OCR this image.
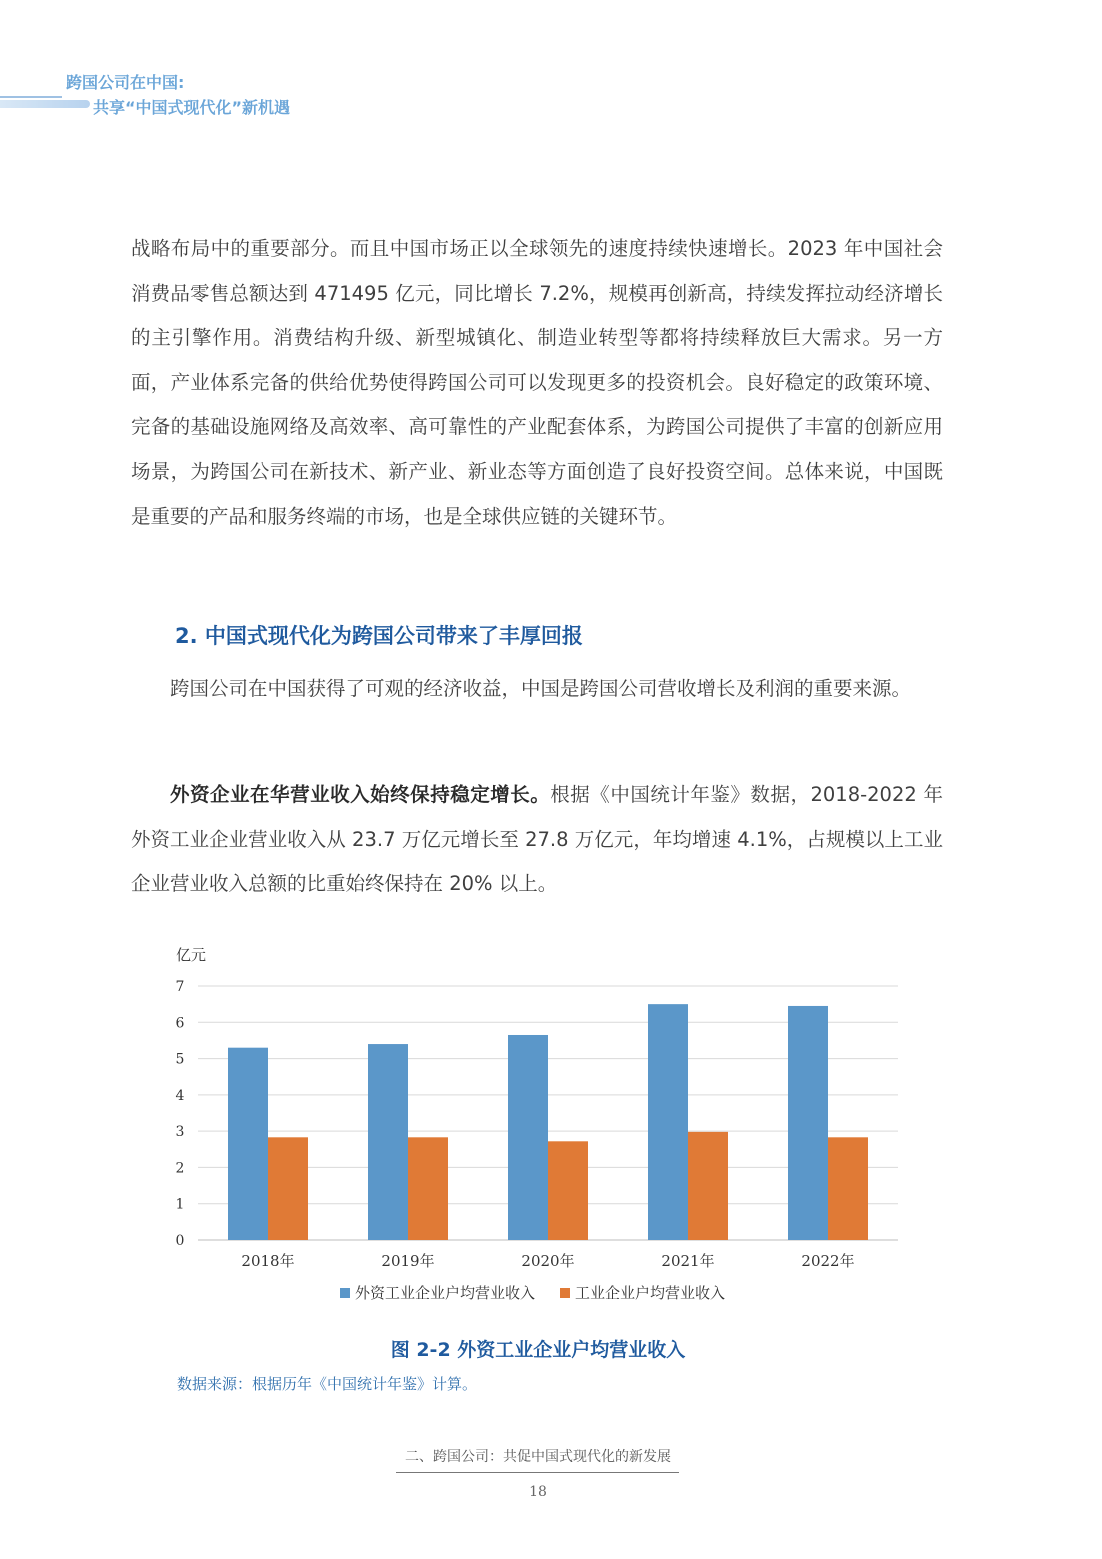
跨国公司在中国:
共享“中国式现代化”新机遇

战略布局中的重要部分。而且中国市场正以全球领先的速度持续快速增长。2023 年中国社会消费品零售总额达到 471495 亿元，同比增长 7.2%，规模再创新高，持续发挥拉动经济增长的主引擎作用。消费结构升级、新型城镇化、制造业转型等都将持续释放巨大需求。另一方面，产业体系完备的供给优势使得跨国公司可以发现更多的投资机会。良好稳定的政策环境、完备的基础设施网络及高效率、高可靠性的产业配套体系，为跨国公司提供了丰富的创新应用场景，为跨国公司在新技术、新产业、新业态等方面创造了良好投资空间。总体来说，中国既是重要的产品和服务终端的市场，也是全球供应链的关键环节。

2. 中国式现代化为跨国公司带来了丰厚回报

跨国公司在中国获得了可观的经济收益，中国是跨国公司营收增长及利润的重要来源。

外资企业在华营业收入始终保持稳定增长。根据《中国统计年鉴》数据，2018-2022 年外资工业企业营业收入从 23.7 万亿元增长至 27.8 万亿元，年均增速 4.1%，占规模以上工业企业营业收入总额的比重始终保持在 20% 以上。

亿元
0
1
2
3
4
5
6
7
2018年	2019年	2020年	2021年	2022年
外资工业企业户均营业收入	工业企业户均营业收入
图 2-2 外资工业企业户均营业收入
数据来源：根据历年《中国统计年鉴》计算。
二、跨国公司：共促中国式现代化的新发展
18
